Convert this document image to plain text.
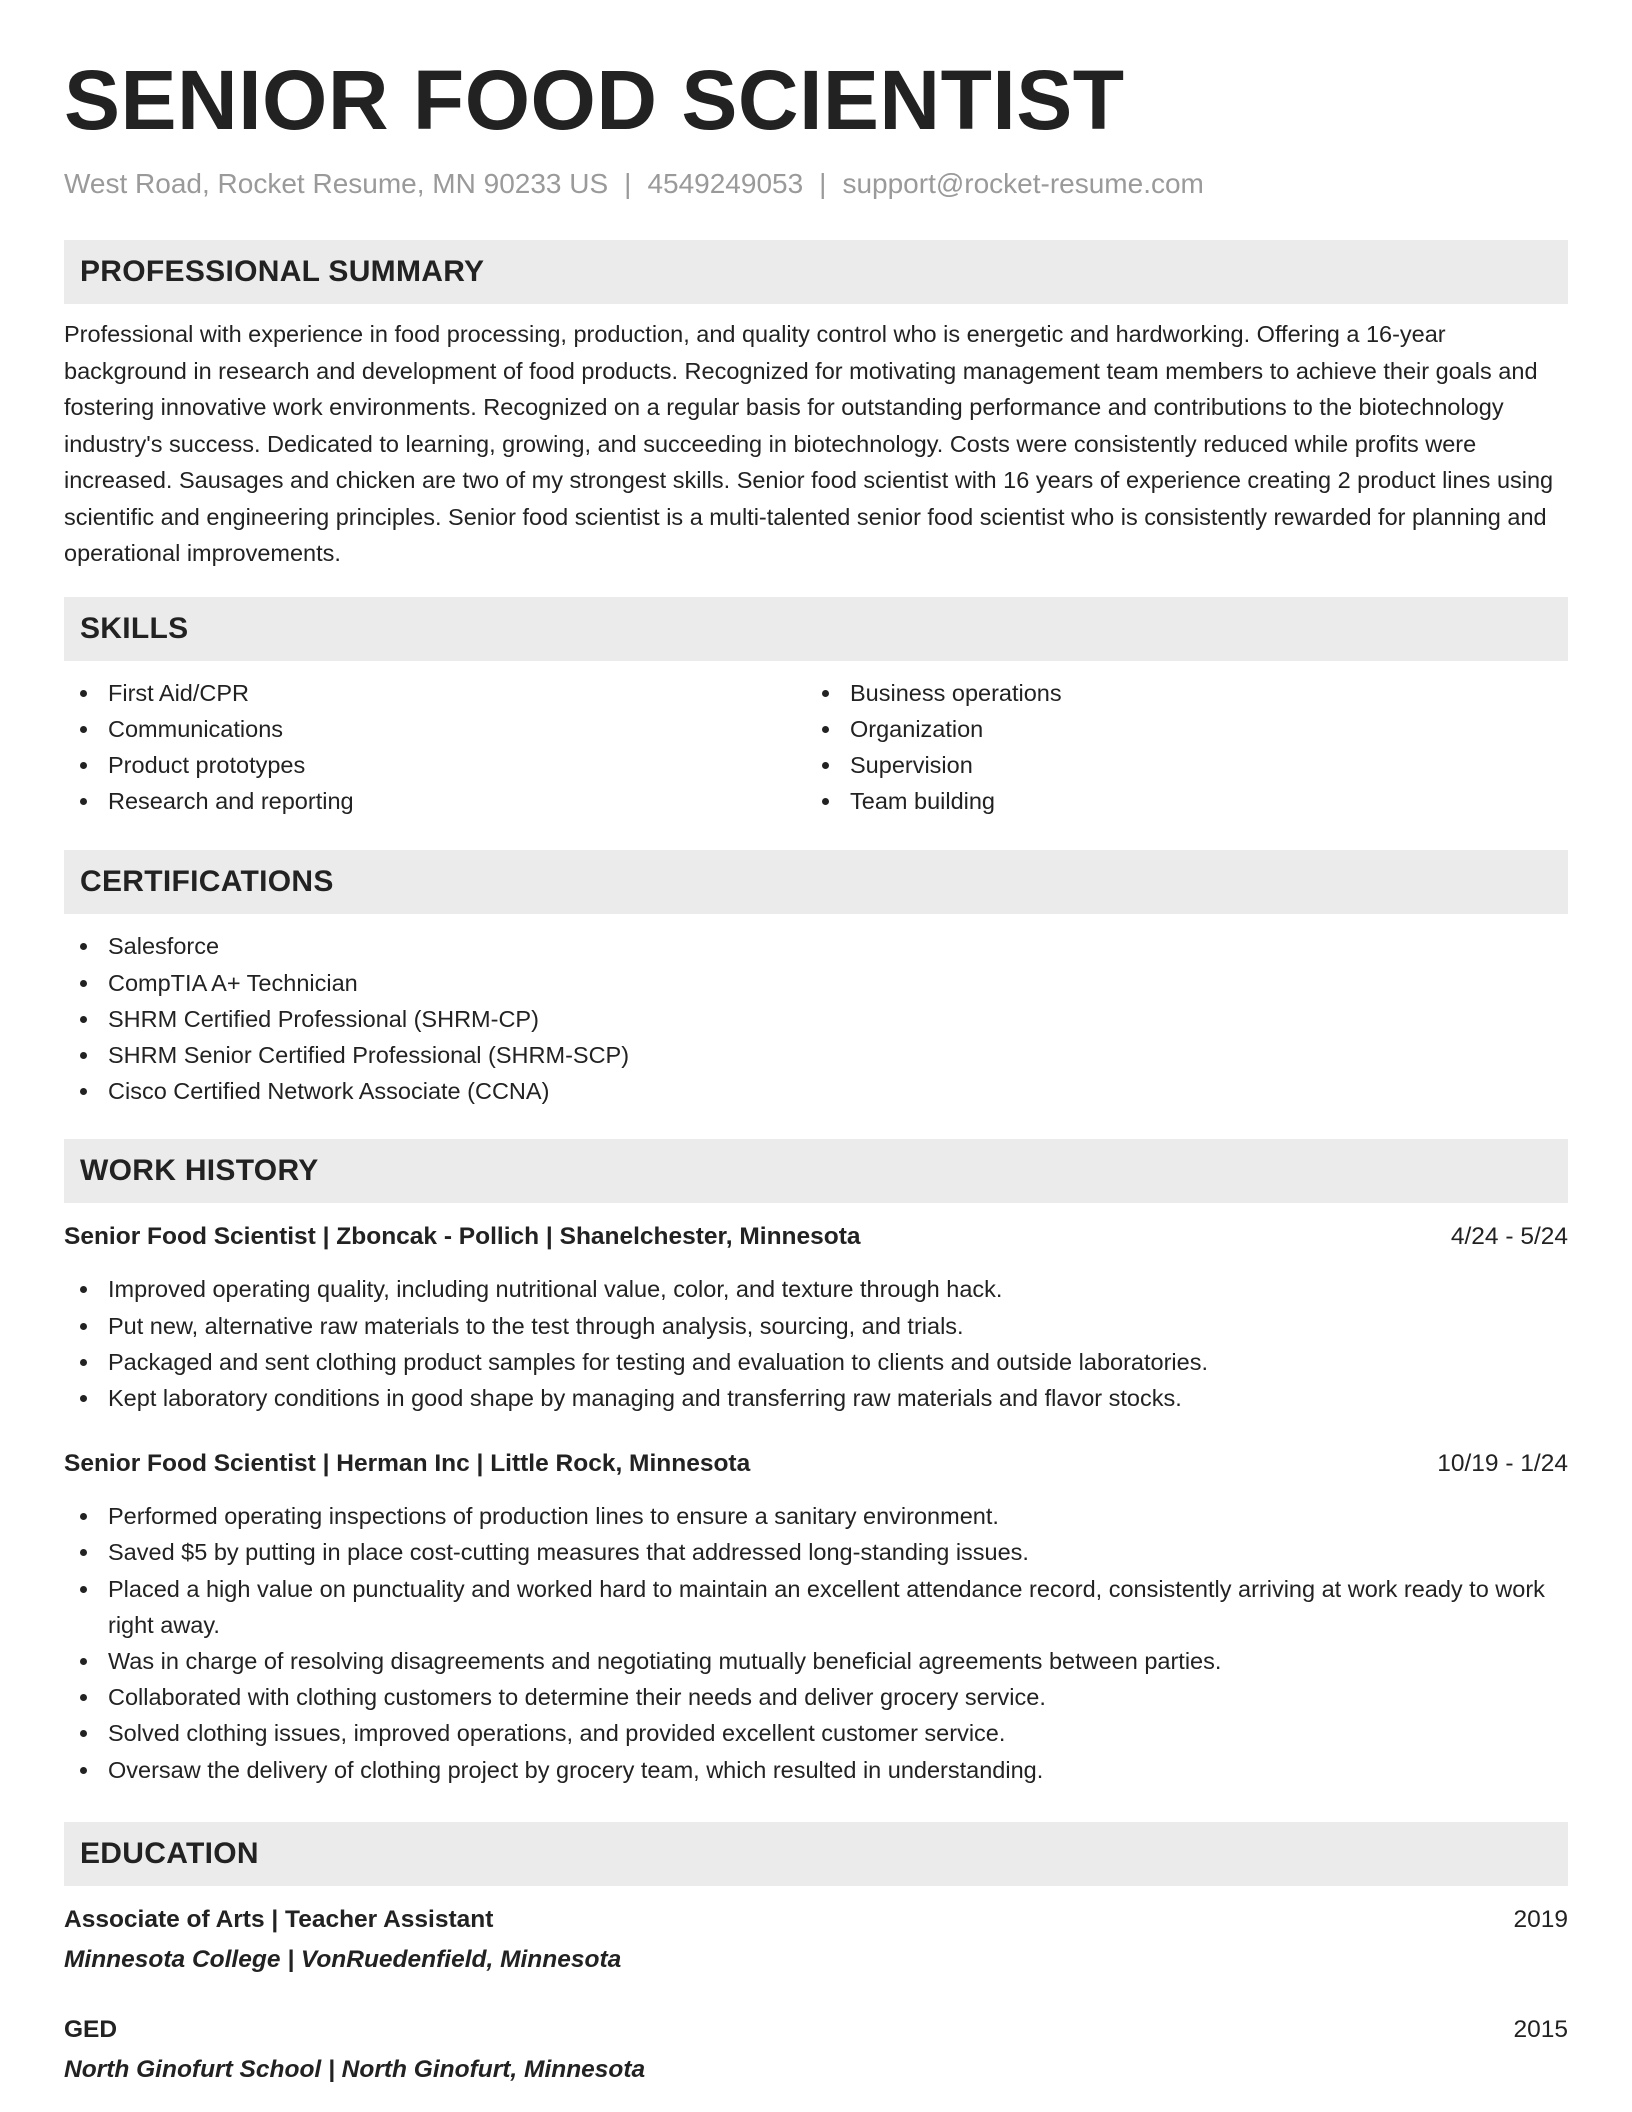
SENIOR FOOD SCIENTIST
West Road, Rocket Resume, MN 90233 US | 4549249053 | support@rocket-resume.com
PROFESSIONAL SUMMARY

Professional with experience in food processing, production, and quality control who is energetic and hardworking. Offering a 16-year background in research and development of food products. Recognized for motivating management team members to achieve their goals and fostering innovative work environments. Recognized on a regular basis for outstanding performance and contributions to the biotechnology industry's success. Dedicated to learning, growing, and succeeding in biotechnology. Costs were consistently reduced while profits were increased. Sausages and chicken are two of my strongest skills. Senior food scientist with 16 years of experience creating 2 product lines using scientific and engineering principles. Senior food scientist is a multi-talented senior food scientist who is consistently rewarded for planning and operational improvements.

SKILLS
First Aid/CPR
Communications
Product prototypes
Research and reporting
Business operations
Organization
Supervision
Team building
CERTIFICATIONS
Salesforce
CompTIA A+ Technician
SHRM Certified Professional (SHRM-CP)
SHRM Senior Certified Professional (SHRM-SCP)
Cisco Certified Network Associate (CCNA)
WORK HISTORY
Senior Food Scientist | Zboncak - Pollich | Shanelchester, Minnesota	4/24 - 5/24
Improved operating quality, including nutritional value, color, and texture through hack.
Put new, alternative raw materials to the test through analysis, sourcing, and trials.
Packaged and sent clothing product samples for testing and evaluation to clients and outside laboratories.
Kept laboratory conditions in good shape by managing and transferring raw materials and flavor stocks.
Senior Food Scientist | Herman Inc | Little Rock, Minnesota	10/19 - 1/24
Performed operating inspections of production lines to ensure a sanitary environment.
Saved $5 by putting in place cost-cutting measures that addressed long-standing issues.
Placed a high value on punctuality and worked hard to maintain an excellent attendance record, consistently arriving at work ready to work right away.
Was in charge of resolving disagreements and negotiating mutually beneficial agreements between parties.
Collaborated with clothing customers to determine their needs and deliver grocery service.
Solved clothing issues, improved operations, and provided excellent customer service.
Oversaw the delivery of clothing project by grocery team, which resulted in understanding.
EDUCATION
Associate of Arts | Teacher Assistant	2019
Minnesota College | VonRuedenfield, Minnesota
GED	2015
North Ginofurt School | North Ginofurt, Minnesota
